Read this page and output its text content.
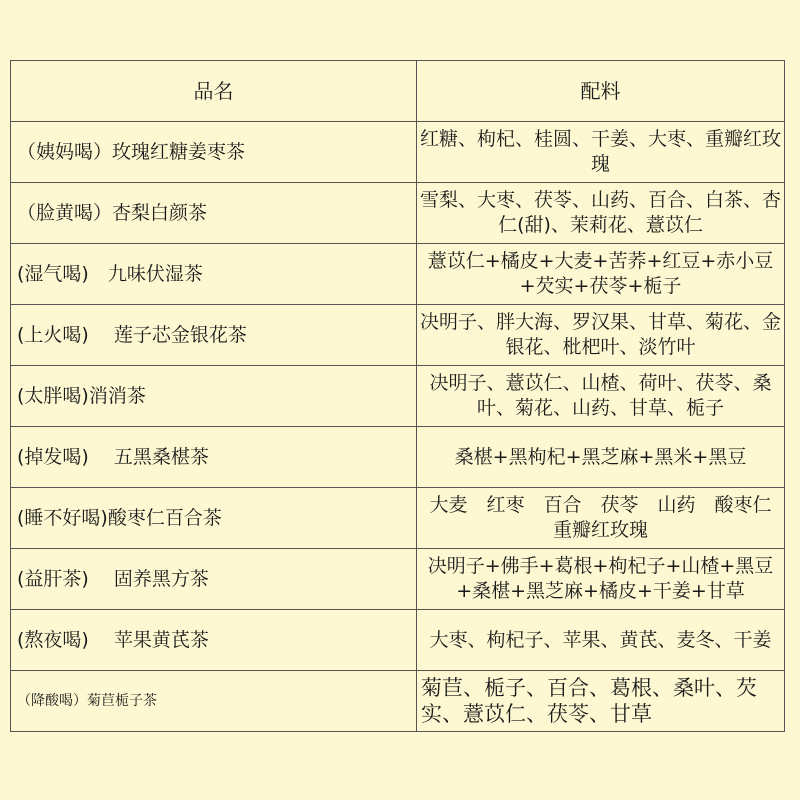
品名	配料
（姨妈喝）玫瑰红糖姜枣茶	红糖、枸杞、桂圆、干姜、大枣、重瓣红玫瑰
（脸黄喝）杏梨白颜茶	雪梨、大枣、茯苓、山药、百合、白茶、杏仁(甜)、茉莉花、薏苡仁
(湿气喝)　九味伏湿茶	薏苡仁+橘皮+大麦+苦荞+红豆+赤小豆+芡实+茯苓+栀子
(上火喝)　 莲子芯金银花茶	决明子、胖大海、罗汉果、甘草、菊花、金银花、枇杷叶、淡竹叶
(太胖喝)消消茶	决明子、薏苡仁、山楂、荷叶、茯苓、桑叶、菊花、山药、甘草、栀子
(掉发喝)　 五黑桑椹茶	桑椹+黑枸杞+黑芝麻+黑米+黑豆
(睡不好喝)酸枣仁百合茶	大麦　红枣　百合　茯苓　山药　酸枣仁　重瓣红玫瑰
(益肝茶)　 固养黑方茶	决明子+佛手+葛根+枸杞子+山楂+黑豆+桑椹+黑芝麻+橘皮+干姜+甘草
(熬夜喝)　 苹果黄芪茶	大枣、枸杞子、苹果、黄芪、麦冬、干姜
（降酸喝）菊苣栀子茶	菊苣、栀子、百合、葛根、桑叶、芡实、薏苡仁、茯苓、甘草
